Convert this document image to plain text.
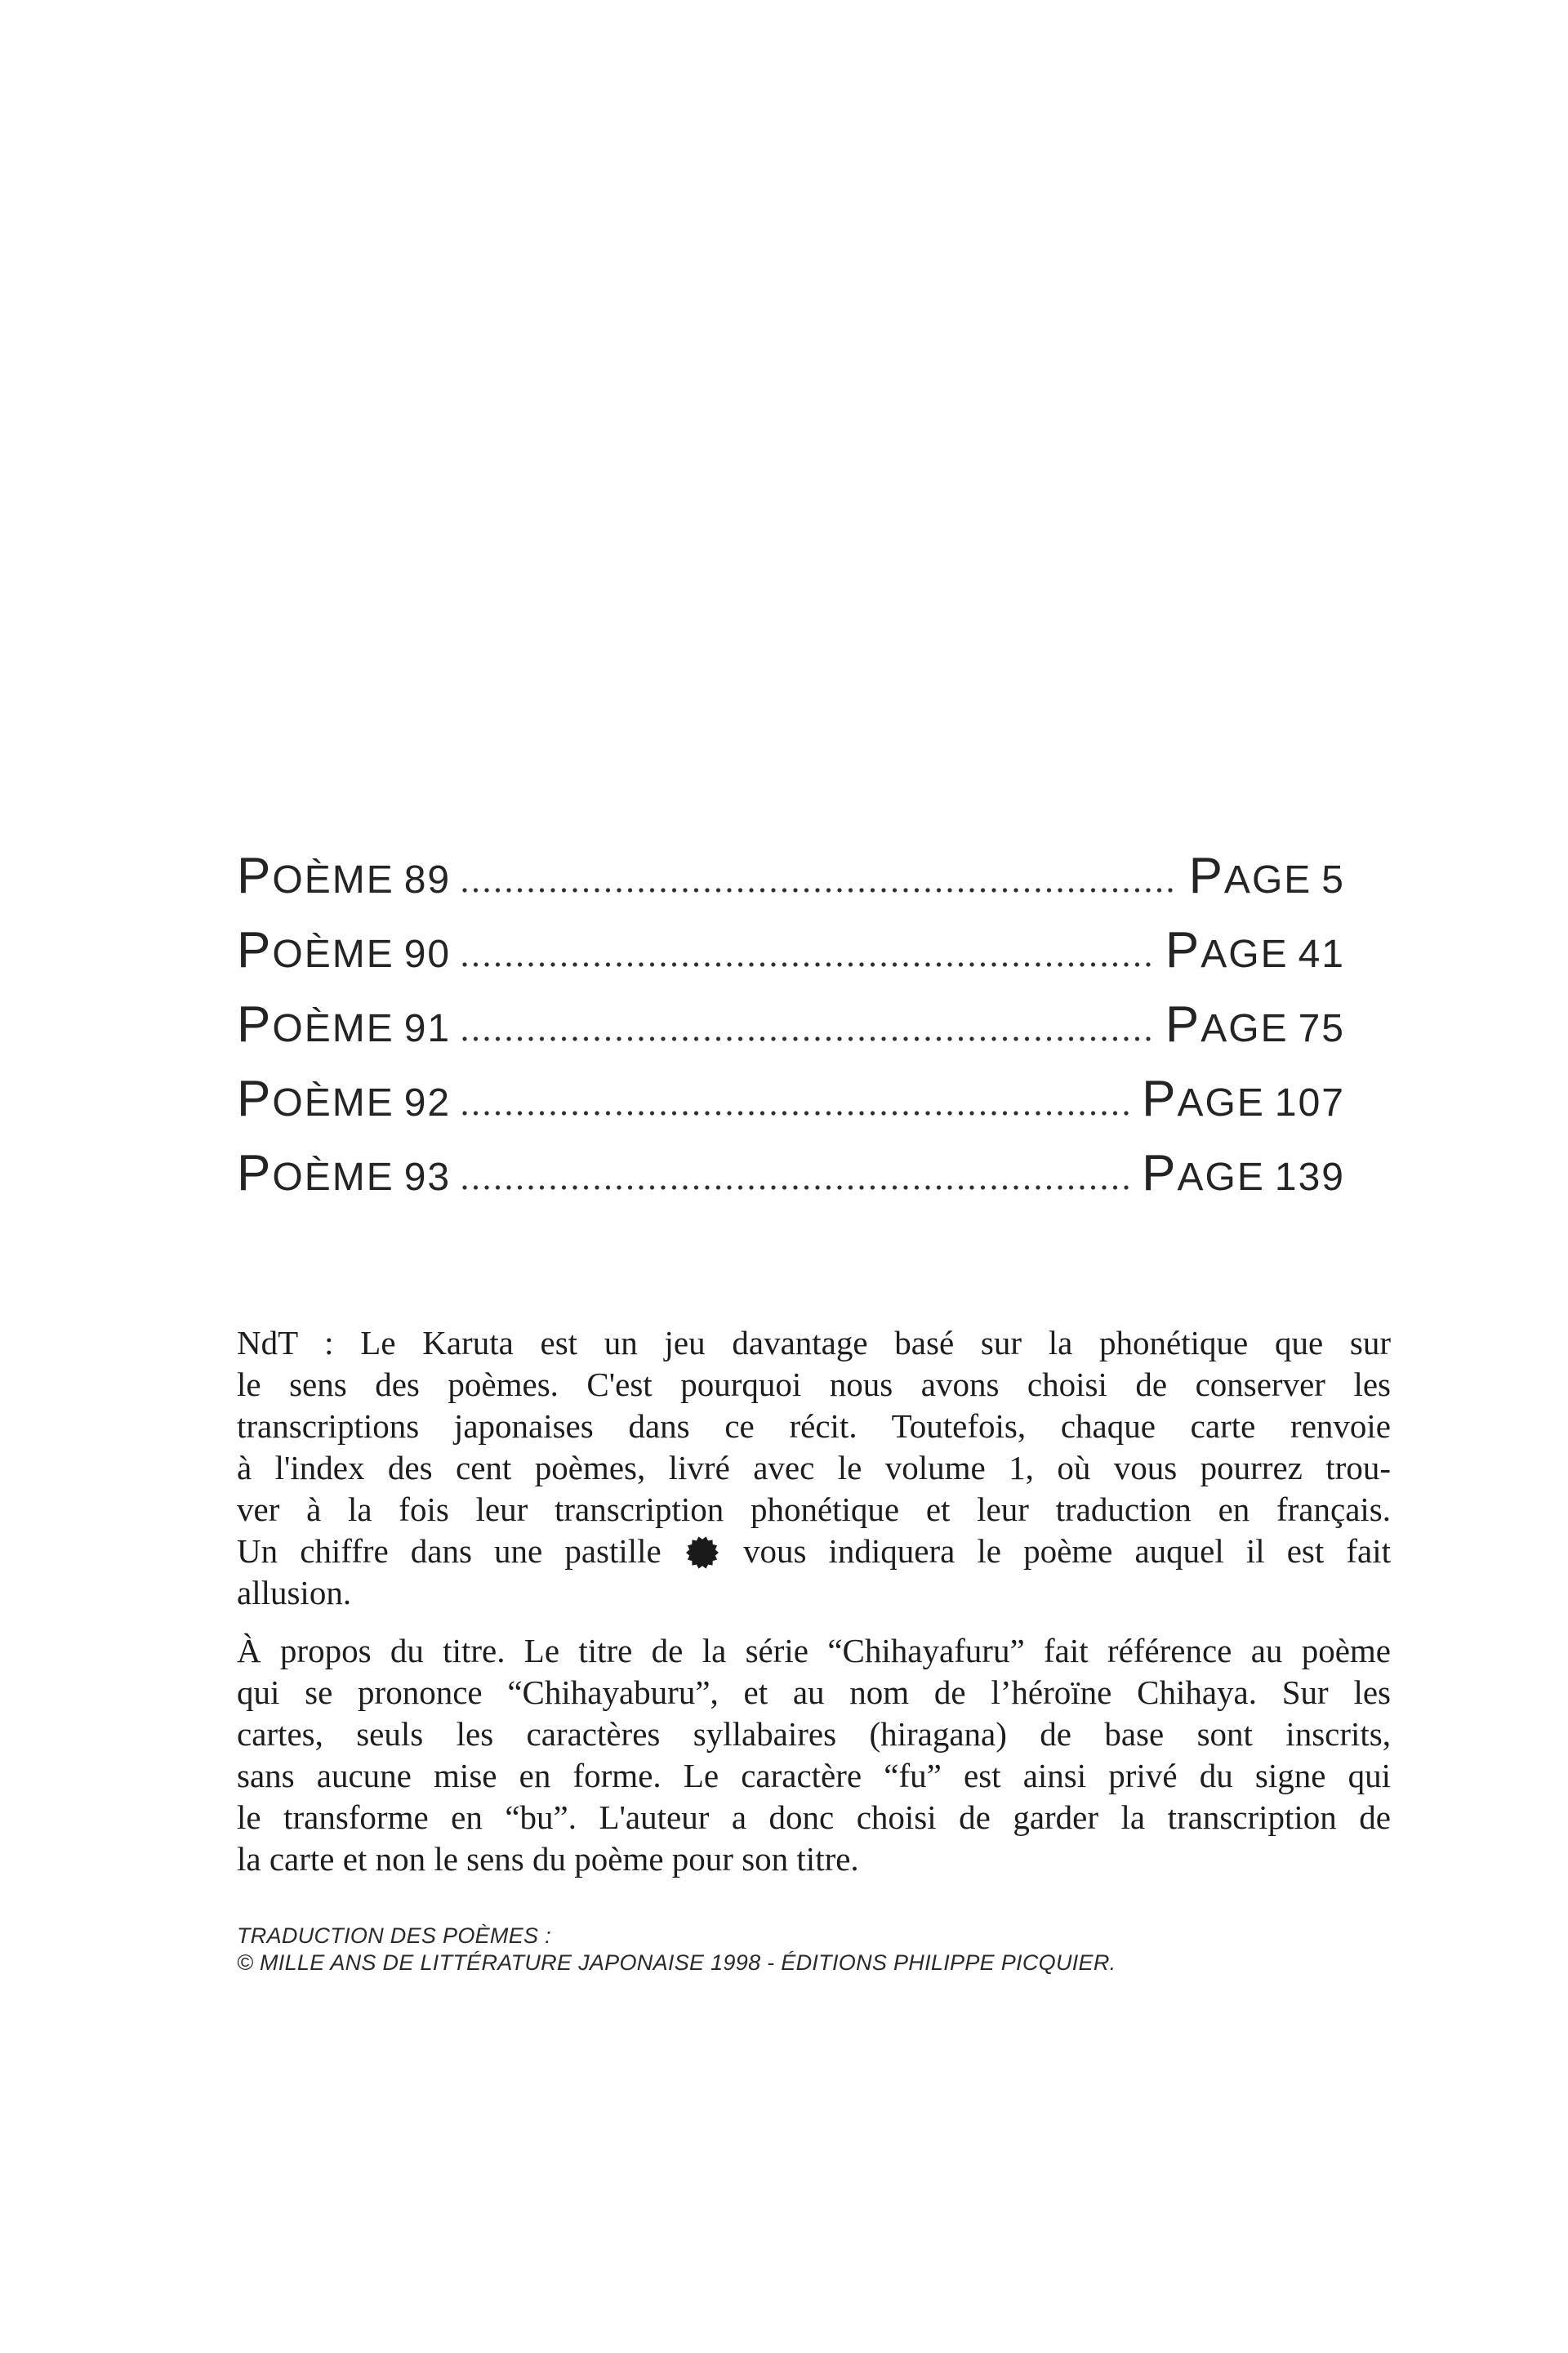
POÈME 89	PAGE 5
POÈME 90	PAGE 41
POÈME 91	PAGE 75
POÈME 92	PAGE 107
POÈME 93	PAGE 139
NdT : Le Karuta est un jeu davantage basé sur la phonétique que sur
le sens des poèmes. C'est pourquoi nous avons choisi de conserver les
transcriptions japonaises dans ce récit. Toutefois, chaque carte renvoie
à l'index des cent poèmes, livré avec le volume 1, où vous pourrez trou-
ver à la fois leur transcription phonétique et leur traduction en français.
Un chiffre dans une pastille vous indiquera le poème auquel il est fait
allusion.
À propos du titre. Le titre de la série “Chihayafuru” fait référence au poème
qui se prononce “Chihayaburu”, et au nom de l’héroïne Chihaya. Sur les
cartes, seuls les caractères syllabaires (hiragana) de base sont inscrits,
sans aucune mise en forme. Le caractère “fu” est ainsi privé du signe qui
le transforme en “bu”. L'auteur a donc choisi de garder la transcription de
la carte et non le sens du poème pour son titre.
TRADUCTION DES POÈMES :
© MILLE ANS DE LITTÉRATURE JAPONAISE 1998 - ÉDITIONS PHILIPPE PICQUIER.
